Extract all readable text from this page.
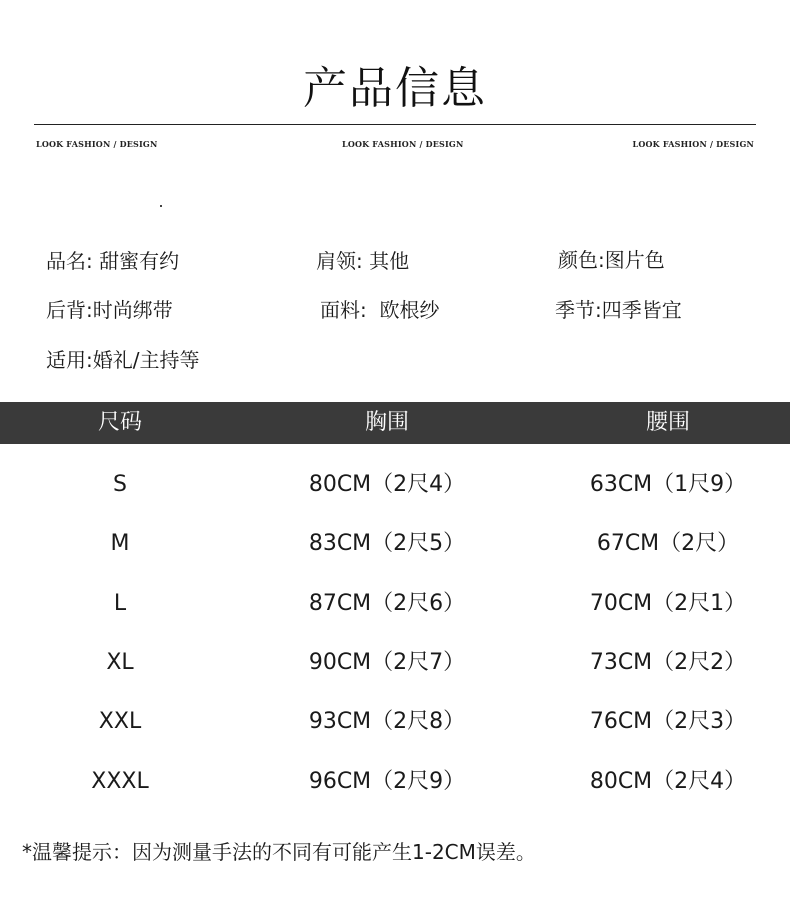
产品信息
LOOK FASHION / DESIGN	LOOK FASHION / DESIGN	LOOK FASHION / DESIGN
品名: 甜蜜有约	肩领: 其他	颜色:图片色
后背:时尚绑带	面料:  欧根纱	季节:四季皆宜
适用:婚礼/主持等
尺码	胸围	腰围
S	80CM（2尺4）	63CM（1尺9）
M	83CM（2尺5）	67CM（2尺）
L	87CM（2尺6）	70CM（2尺1）
XL	90CM（2尺7）	73CM（2尺2）
XXL	93CM（2尺8）	76CM（2尺3）
XXXL	96CM（2尺9）	80CM（2尺4）
*温馨提示：因为测量手法的不同有可能产生1-2CM误差。
